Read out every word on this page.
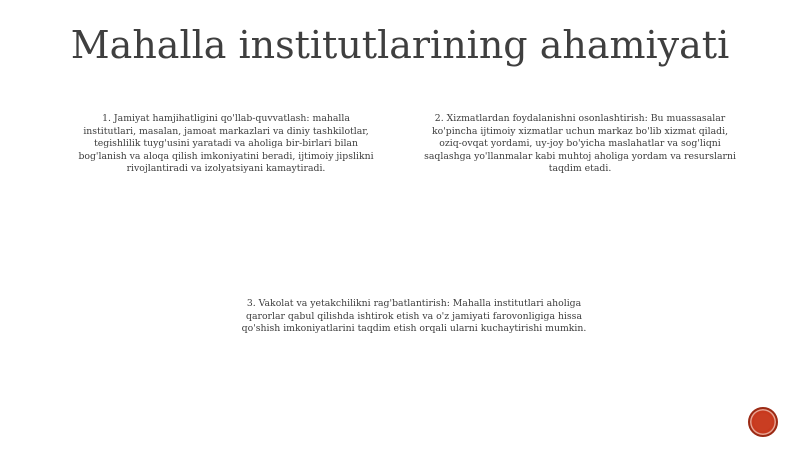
Mahalla institutlarining ahamiyati

1. Jamiyat hamjihatligini qo'llab-quvvatlash: mahalla institutlari, masalan, jamoat markazlari va diniy tashkilotlar, tegishlilik tuyg'usini yaratadi va aholiga bir-birlari bilan bog'lanish va aloqa qilish imkoniyatini beradi, ijtimoiy jipslikni rivojlantiradi va izolyatsiyani kamaytiradi.

2. Xizmatlardan foydalanishni osonlashtirish: Bu muassasalar ko'pincha ijtimoiy xizmatlar uchun markaz bo'lib xizmat qiladi, oziq-ovqat yordami, uy-joy bo'yicha maslahatlar va sog'liqni saqlashga yo'llanmalar kabi muhtoj aholiga yordam va resurslarni taqdim etadi.

3. Vakolat va yetakchilikni rag'batlantirish: Mahalla institutlari aholiga qarorlar qabul qilishda ishtirok etish va o'z jamiyati farovonligiga hissa qo'shish imkoniyatlarini taqdim etish orqali ularni kuchaytirishi mumkin.
